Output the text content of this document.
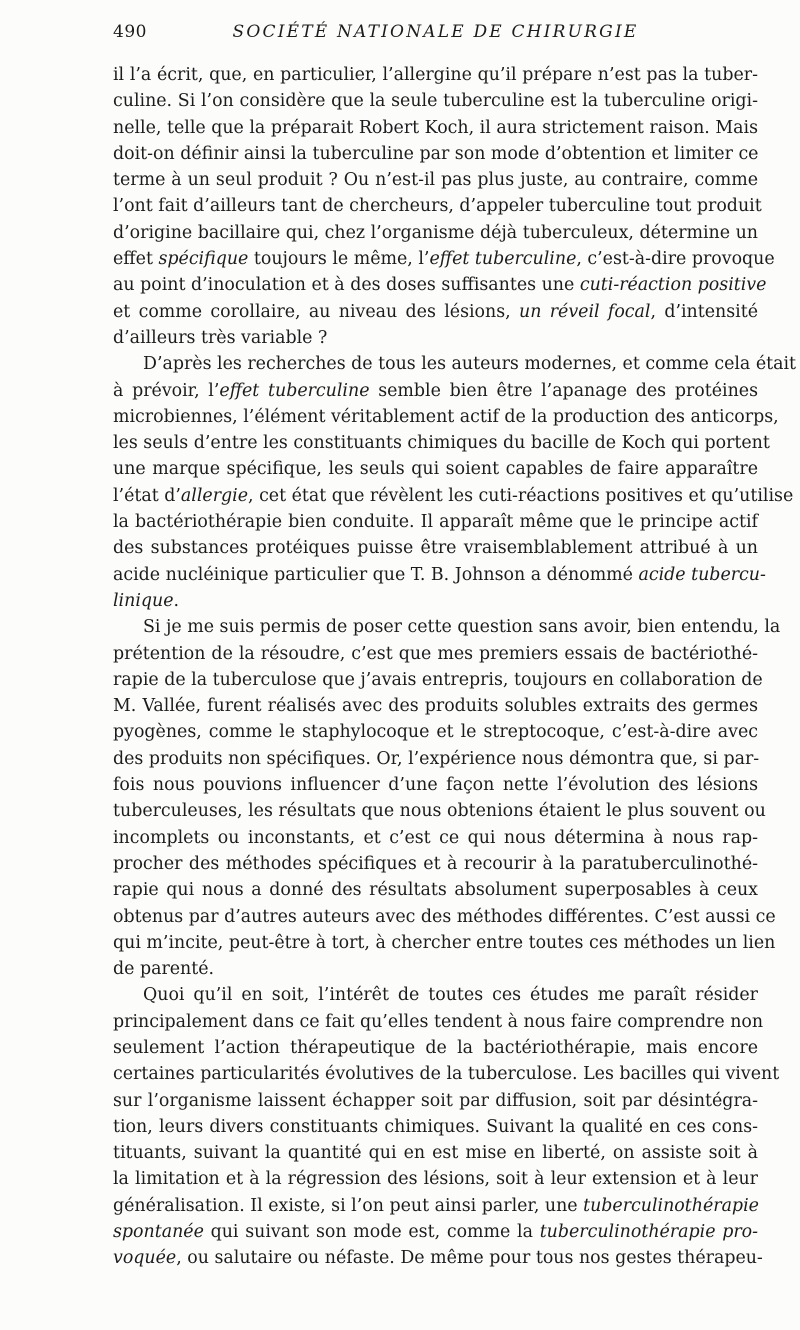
490	SOCIÉTÉ NATIONALE DE CHIRURGIE
il l’a écrit, que, en particulier, l’allergine qu’il prépare n’est pas la tuber-
culine. Si l’on considère que la seule tuberculine est la tuberculine origi-
nelle, telle que la préparait Robert Koch, il aura strictement raison. Mais
doit-on définir ainsi la tuberculine par son mode d’obtention et limiter ce
terme à un seul produit ? Ou n’est-il pas plus juste, au contraire, comme
l’ont fait d’ailleurs tant de chercheurs, d’appeler tuberculine tout produit
d’origine bacillaire qui, chez l’organisme déjà tuberculeux, détermine un
effet spécifique toujours le même, l’effet tuberculine, c’est-à-dire provoque
au point d’inoculation et à des doses suffisantes une cuti-réaction positive
et comme corollaire, au niveau des lésions, un réveil focal, d’intensité
d’ailleurs très variable ?
D’après les recherches de tous les auteurs modernes, et comme cela était
à prévoir, l’effet tuberculine semble bien être l’apanage des protéines
microbiennes, l’élément véritablement actif de la production des anticorps,
les seuls d’entre les constituants chimiques du bacille de Koch qui portent
une marque spécifique, les seuls qui soient capables de faire apparaître
l’état d’allergie, cet état que révèlent les cuti-réactions positives et qu’utilise
la bactériothérapie bien conduite. Il apparaît même que le principe actif
des substances protéiques puisse être vraisemblablement attribué à un
acide nucléinique particulier que T. B. Johnson a dénommé acide tubercu-
linique.
Si je me suis permis de poser cette question sans avoir, bien entendu, la
prétention de la résoudre, c’est que mes premiers essais de bactériothé-
rapie de la tuberculose que j’avais entrepris, toujours en collaboration de
M. Vallée, furent réalisés avec des produits solubles extraits des germes
pyogènes, comme le staphylocoque et le streptocoque, c’est-à-dire avec
des produits non spécifiques. Or, l’expérience nous démontra que, si par-
fois nous pouvions influencer d’une façon nette l’évolution des lésions
tuberculeuses, les résultats que nous obtenions étaient le plus souvent ou
incomplets ou inconstants, et c’est ce qui nous détermina à nous rap-
procher des méthodes spécifiques et à recourir à la paratuberculinothé-
rapie qui nous a donné des résultats absolument superposables à ceux
obtenus par d’autres auteurs avec des méthodes différentes. C’est aussi ce
qui m’incite, peut-être à tort, à chercher entre toutes ces méthodes un lien
de parenté.
Quoi qu’il en soit, l’intérêt de toutes ces études me paraît résider
principalement dans ce fait qu’elles tendent à nous faire comprendre non
seulement l’action thérapeutique de la bactériothérapie, mais encore
certaines particularités évolutives de la tuberculose. Les bacilles qui vivent
sur l’organisme laissent échapper soit par diffusion, soit par désintégra-
tion, leurs divers constituants chimiques. Suivant la qualité en ces cons-
tituants, suivant la quantité qui en est mise en liberté, on assiste soit à
la limitation et à la régression des lésions, soit à leur extension et à leur
généralisation. Il existe, si l’on peut ainsi parler, une tuberculinothérapie
spontanée qui suivant son mode est, comme la tuberculinothérapie pro-
voquée, ou salutaire ou néfaste. De même pour tous nos gestes thérapeu-
